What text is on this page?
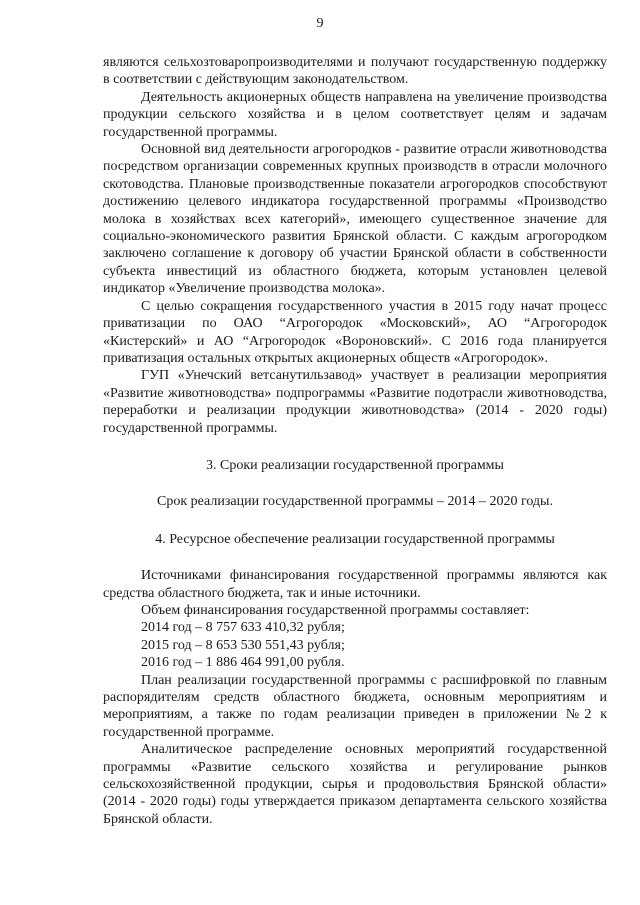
9

являются сельхозтоваропроизводителями и получают государственную поддержку в соответствии с действующим законодательством.

Деятельность акционерных обществ направлена на увеличение производства продукции сельского хозяйства и в целом соответствует целям и задачам государственной программы.

Основной вид деятельности агрогородков - развитие отрасли животноводства посредством организации современных крупных производств в отрасли молочного скотоводства. Плановые производственные показатели агрогородков способствуют достижению целевого индикатора государственной программы «Производство молока в хозяйствах всех категорий», имеющего существенное значение для социально-экономического развития Брянской области. С каждым агрогородком заключено соглашение к договору об участии Брянской области в собственности субъекта инвестиций из областного бюджета, которым установлен целевой индикатор «Увеличение производства молока».

С целью сокращения государственного участия в 2015 году начат процесс приватизации по ОАО “Агрогородок «Московский», АО “Агрогородок «Кистерский» и АО “Агрогородок «Вороновский». С 2016 года планируется приватизация остальных открытых акционерных обществ «Агрогородок».

ГУП «Унечский ветсанутильзавод» участвует в реализации мероприятия «Развитие животноводства» подпрограммы «Развитие подотрасли животноводства, переработки и реализации продукции животноводства» (2014 - 2020 годы) государственной программы.

3. Сроки реализации государственной программы

Срок реализации государственной программы – 2014 – 2020 годы.

4. Ресурсное обеспечение реализации государственной программы

Источниками финансирования государственной программы являются как средства областного бюджета, так и иные источники.

Объем финансирования государственной программы составляет:

2014 год – 8 757 633 410,32 рубля;

2015 год – 8 653 530 551,43 рубля;

2016 год – 1 886 464 991,00 рубля.

План реализации государственной программы с расшифровкой по главным распорядителям средств областного бюджета, основным мероприятиям и мероприятиям, а также по годам реализации приведен в приложении №2 к государственной программе.

Аналитическое распределение основных мероприятий государственной программы «Развитие сельского хозяйства и регулирование рынков сельскохозяйственной продукции, сырья и продовольствия Брянской области» (2014 - 2020 годы) годы утверждается приказом департамента сельского хозяйства Брянской области.
